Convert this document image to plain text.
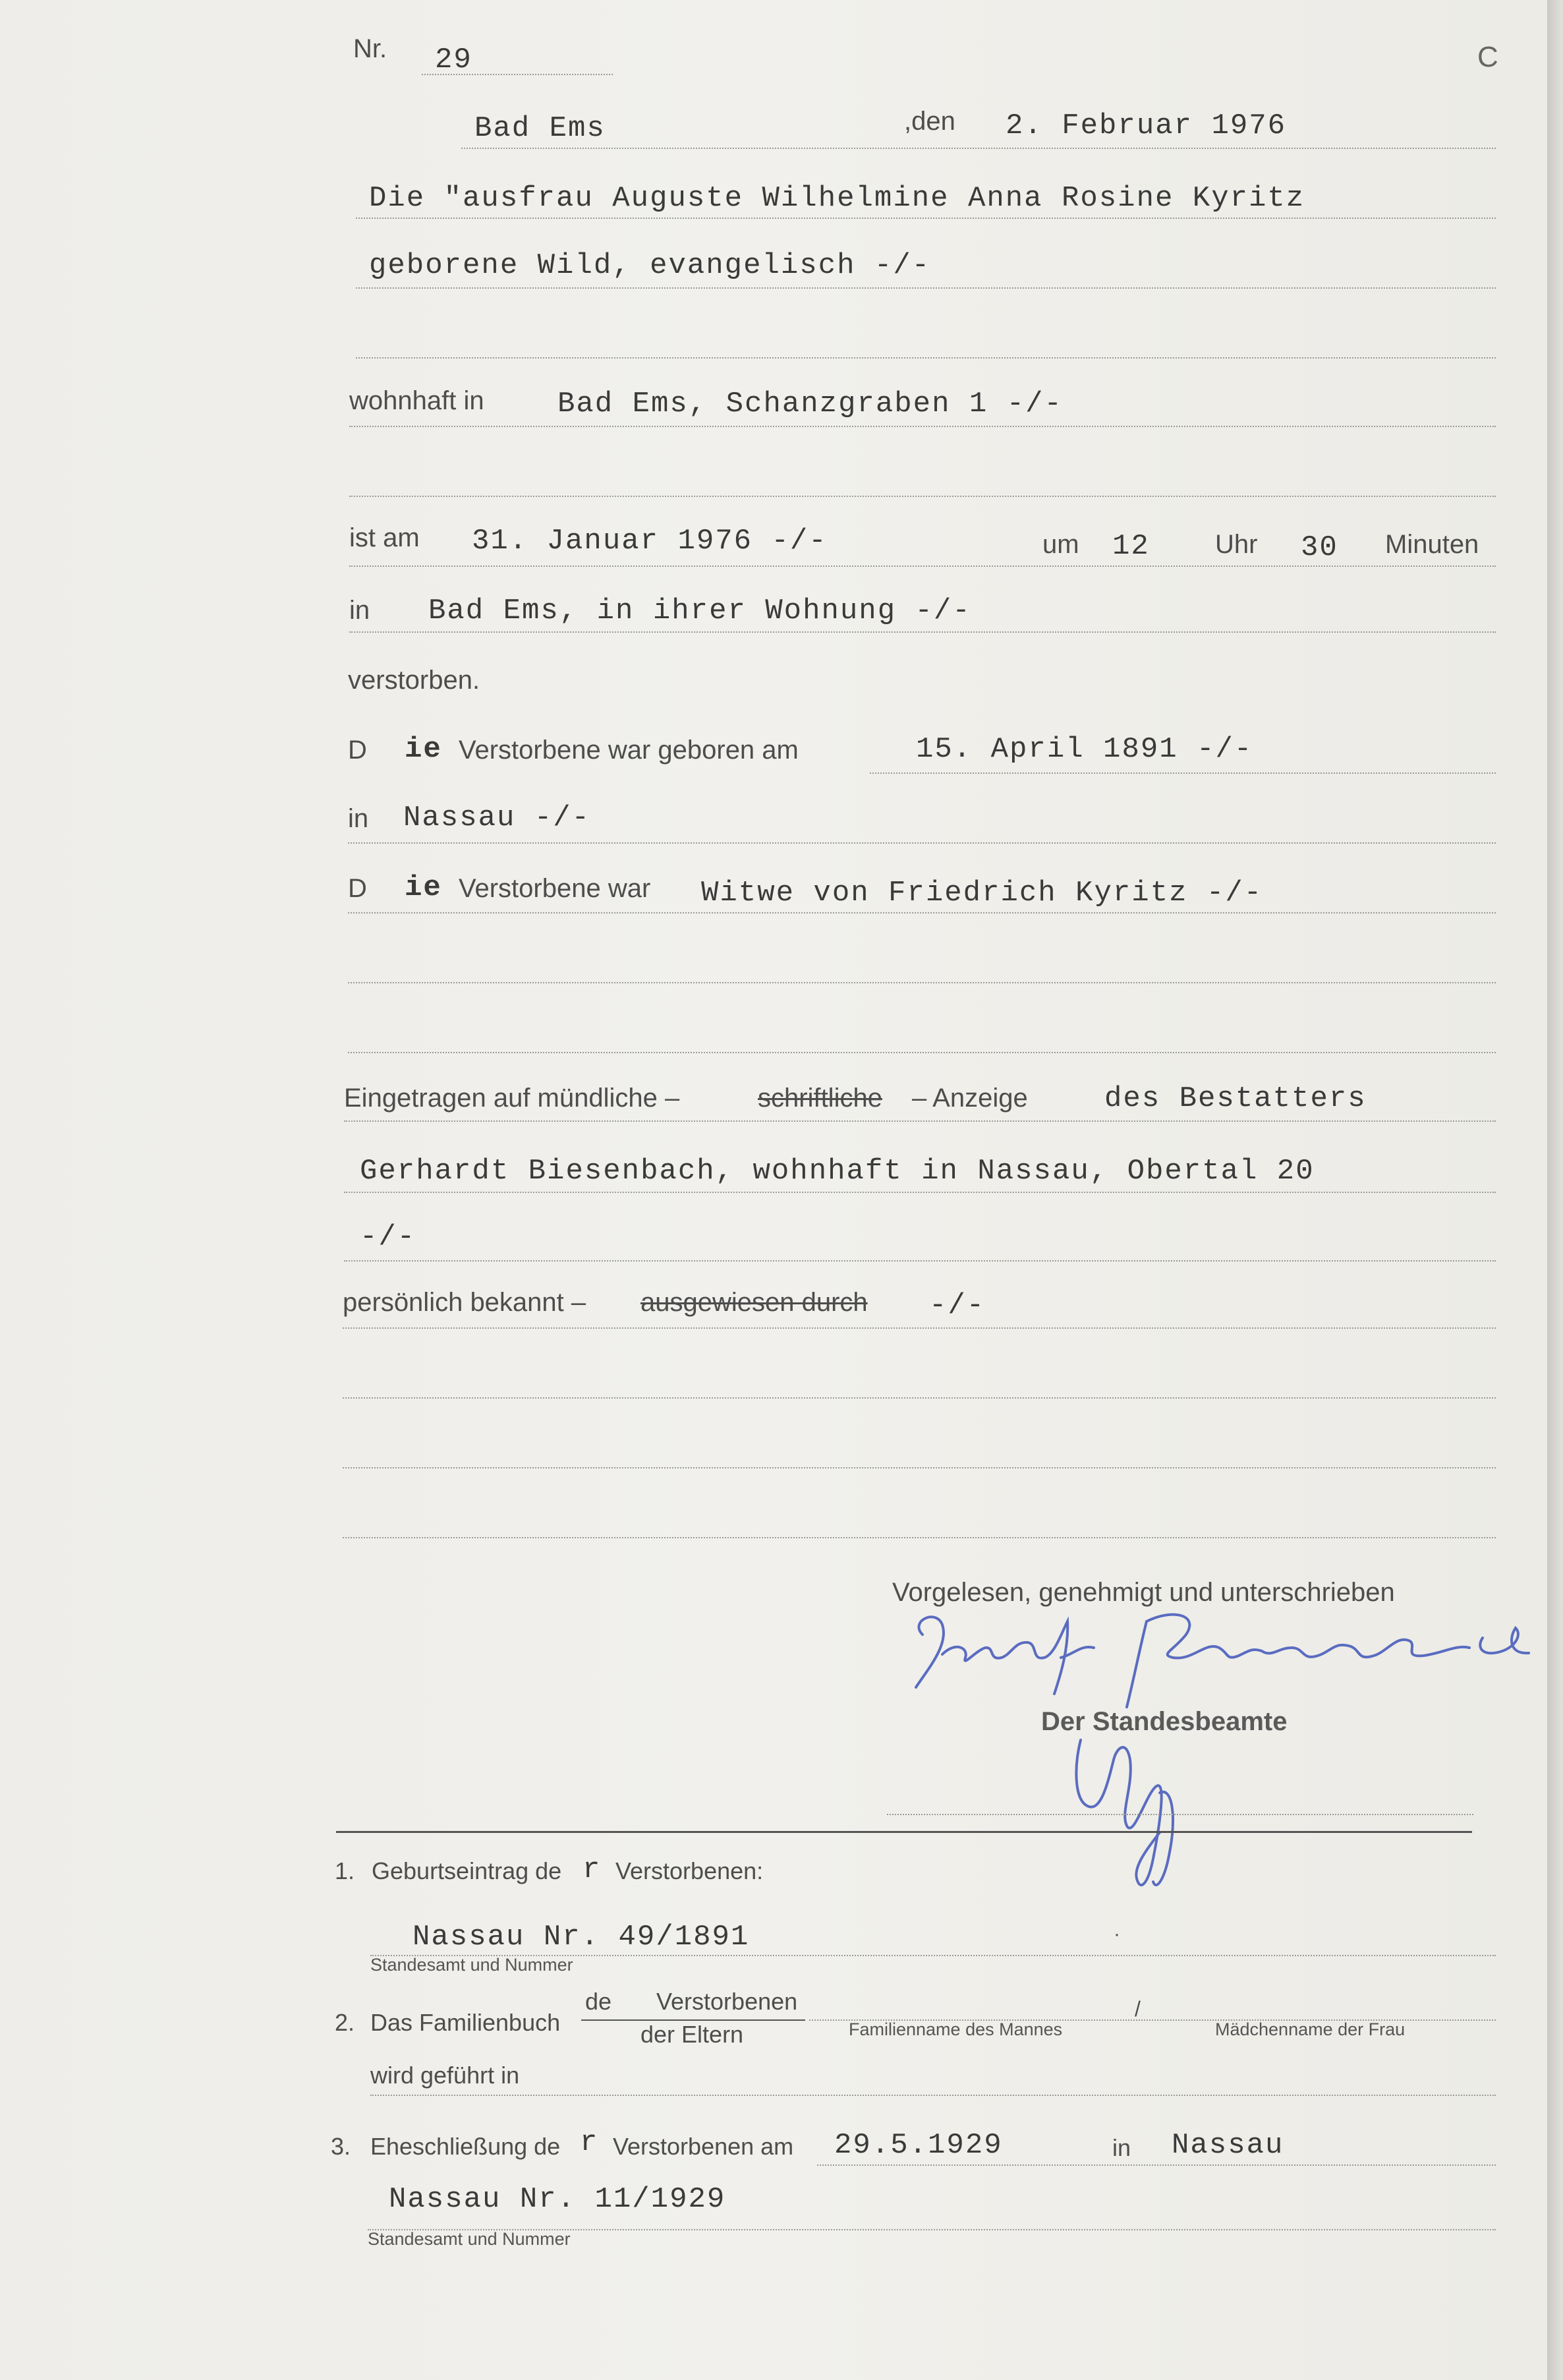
C
Nr. 29
Bad Ems	,den 2. Februar 1976
Die "ausfrau Auguste Wilhelmine Anna Rosine Kyritz
geborene Wild, evangelisch -/-
wohnhaft in	Bad Ems, Schanzgraben 1 -/-
ist am 31. Januar 1976 -/-	um 12 Uhr 30 Minuten
in Bad Ems, in ihrer Wohnung -/-
verstorben.
D ie Verstorbene war geboren am	15. April 1891 -/-
in Nassau -/-
D ie Verstorbene war Witwe von Friedrich Kyritz -/-
Eingetragen auf mündliche –	schriftliche – Anzeige	des Bestatters
Gerhardt Biesenbach, wohnhaft in Nassau, Obertal 20
-/-
persönlich bekannt – ausgewiesen durch -/-
Vorgelesen, genehmigt und unterschrieben
Der Standesbeamte
1. Geburtseintrag de r Verstorbenen:
Nassau Nr. 49/1891	·
Standesamt und Nummer
2. Das Familienbuch
de Verstorbenen
der Eltern	Familienname des Mannes
/
Mädchenname der Frau
wird geführt in
3. Eheschließung de r Verstorbenen am 29.5.1929	in Nassau
Nassau Nr. 11/1929
Standesamt und Nummer
